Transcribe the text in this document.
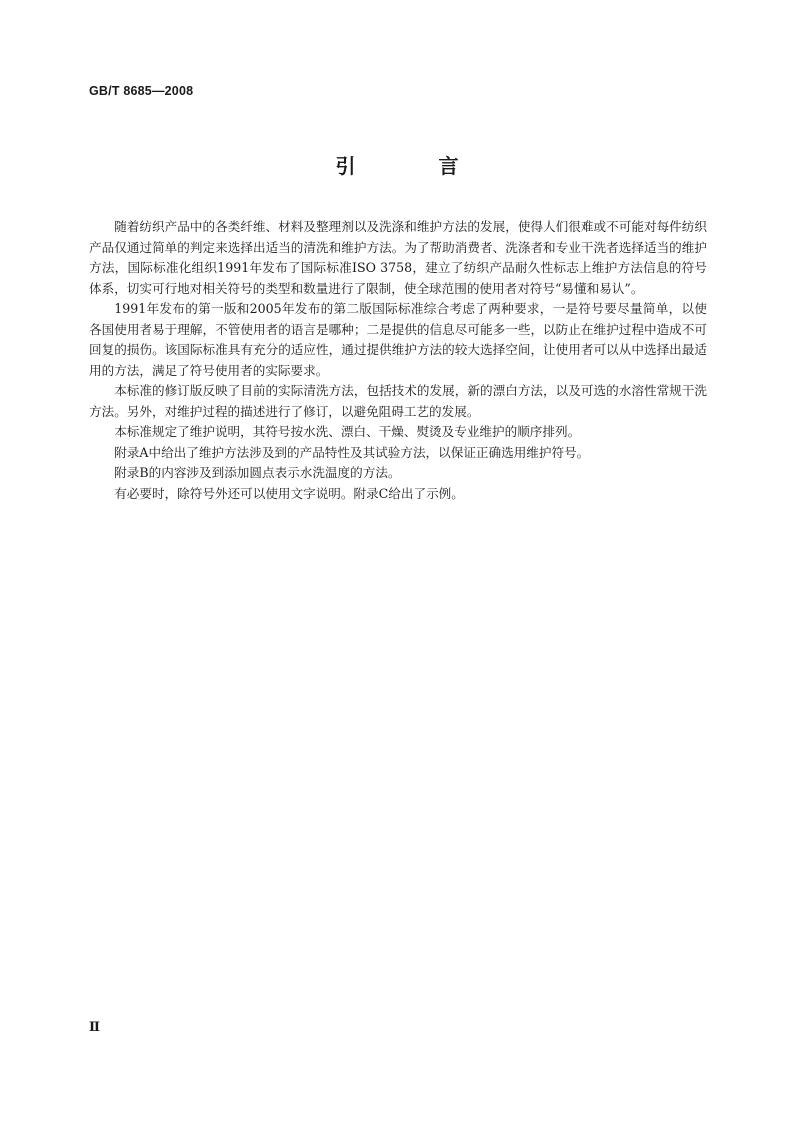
GB/T 8685—2008
引 言

随着纺织产品中的各类纤维、材料及整理剂以及洗涤和维护方法的发展，使得人们很难或不可能对每件纺织产品仅通过简单的判定来选择出适当的清洗和维护方法。为了帮助消费者、洗涤者和专业干洗者选择适当的维护方法，国际标准化组织1991年发布了国际标准ISO 3758，建立了纺织产品耐久性标志上维护方法信息的符号体系，切实可行地对相关符号的类型和数量进行了限制，使全球范围的使用者对符号“易懂和易认”。

1991年发布的第一版和2005年发布的第二版国际标准综合考虑了两种要求，一是符号要尽量简单，以使各国使用者易于理解，不管使用者的语言是哪种；二是提供的信息尽可能多一些，以防止在维护过程中造成不可回复的损伤。该国际标准具有充分的适应性，通过提供维护方法的较大选择空间，让使用者可以从中选择出最适用的方法，满足了符号使用者的实际要求。

本标准的修订版反映了目前的实际清洗方法，包括技术的发展，新的漂白方法，以及可选的水溶性常规干洗方法。另外，对维护过程的描述进行了修订，以避免阻碍工艺的发展。

本标准规定了维护说明，其符号按水洗、漂白、干燥、熨烫及专业维护的顺序排列。

附录A中给出了维护方法涉及到的产品特性及其试验方法，以保证正确选用维护符号。

附录B的内容涉及到添加圆点表示水洗温度的方法。

有必要时，除符号外还可以使用文字说明。附录C给出了示例。

Ⅱ
